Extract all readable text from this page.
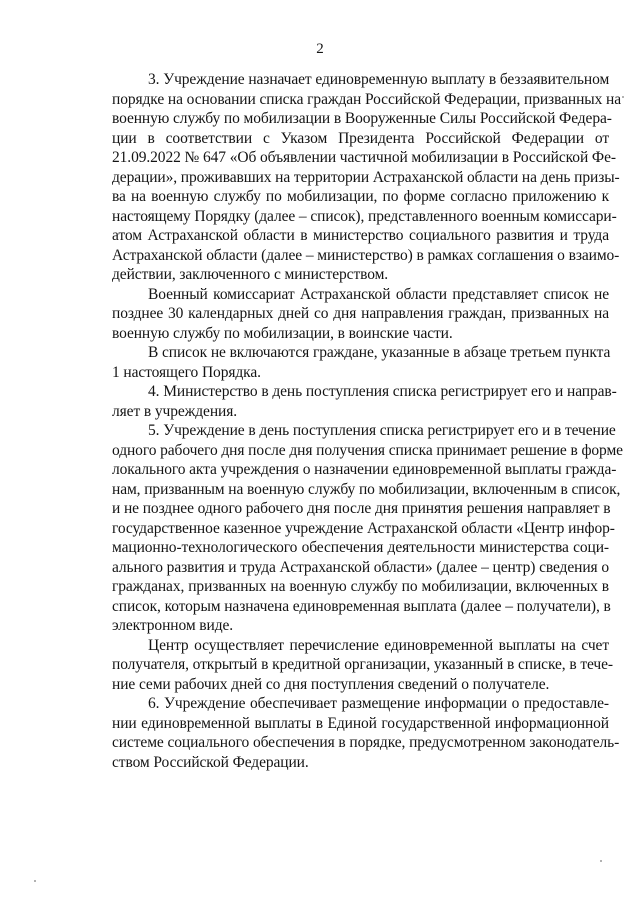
2
3. Учреждение назначает единовременную выплату в беззаявительном
порядке на основании списка граждан Российской Федерации, призванных на
военную службу по мобилизации в Вооруженные Силы Российской Федера-
ции в соответствии с Указом Президента Российской Федерации от
21.09.2022 № 647 «Об объявлении частичной мобилизации в Российской Фе-
дерации», проживавших на территории Астраханской области на день призы-
ва на военную службу по мобилизации, по форме согласно приложению к
настоящему Порядку (далее – список), представленного военным комиссари-
атом Астраханской области в министерство социального развития и труда
Астраханской области (далее – министерство) в рамках соглашения о взаимо-
действии, заключенного с министерством.
Военный комиссариат Астраханской области представляет список не
позднее 30 календарных дней со дня направления граждан, призванных на
военную службу по мобилизации, в воинские части.
В список не включаются граждане, указанные в абзаце третьем пункта
1 настоящего Порядка.
4. Министерство в день поступления списка регистрирует его и направ-
ляет в учреждения.
5. Учреждение в день поступления списка регистрирует его и в течение
одного рабочего дня после дня получения списка принимает решение в форме
локального акта учреждения о назначении единовременной выплаты гражда-
нам, призванным на военную службу по мобилизации, включенным в список,
и не позднее одного рабочего дня после дня принятия решения направляет в
государственное казенное учреждение Астраханской области «Центр инфор-
мационно-технологического обеспечения деятельности министерства соци-
ального развития и труда Астраханской области» (далее – центр) сведения о
гражданах, призванных на военную службу по мобилизации, включенных в
список, которым назначена единовременная выплата (далее – получатели), в
электронном виде.
Центр осуществляет перечисление единовременной выплаты на счет
получателя, открытый в кредитной организации, указанный в списке, в тече-
ние семи рабочих дней со дня поступления сведений о получателе.
6. Учреждение обеспечивает размещение информации о предоставле-
нии единовременной выплаты в Единой государственной информационной
системе социального обеспечения в порядке, предусмотренном законодатель-
ством Российской Федерации.
